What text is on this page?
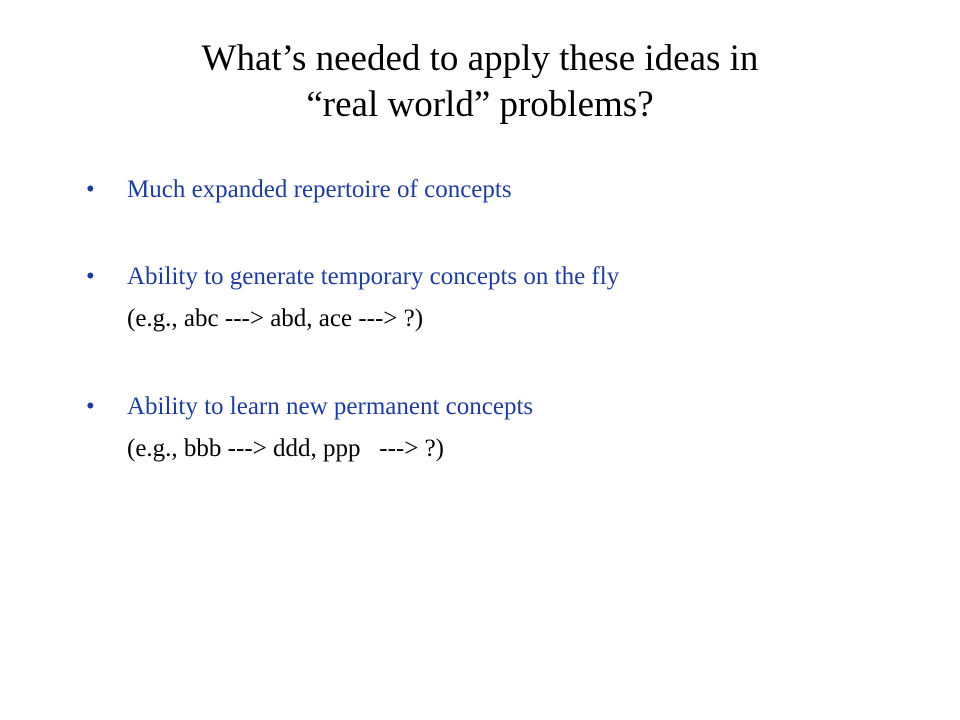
What’s needed to apply these ideas in
“real world” problems?
• Much expanded repertoire of concepts
• Ability to generate temporary concepts on the fly
(e.g., abc ---> abd, ace ---> ?)
• Ability to learn new permanent concepts
(e.g., bbb ---> ddd, ppp   ---> ?)
